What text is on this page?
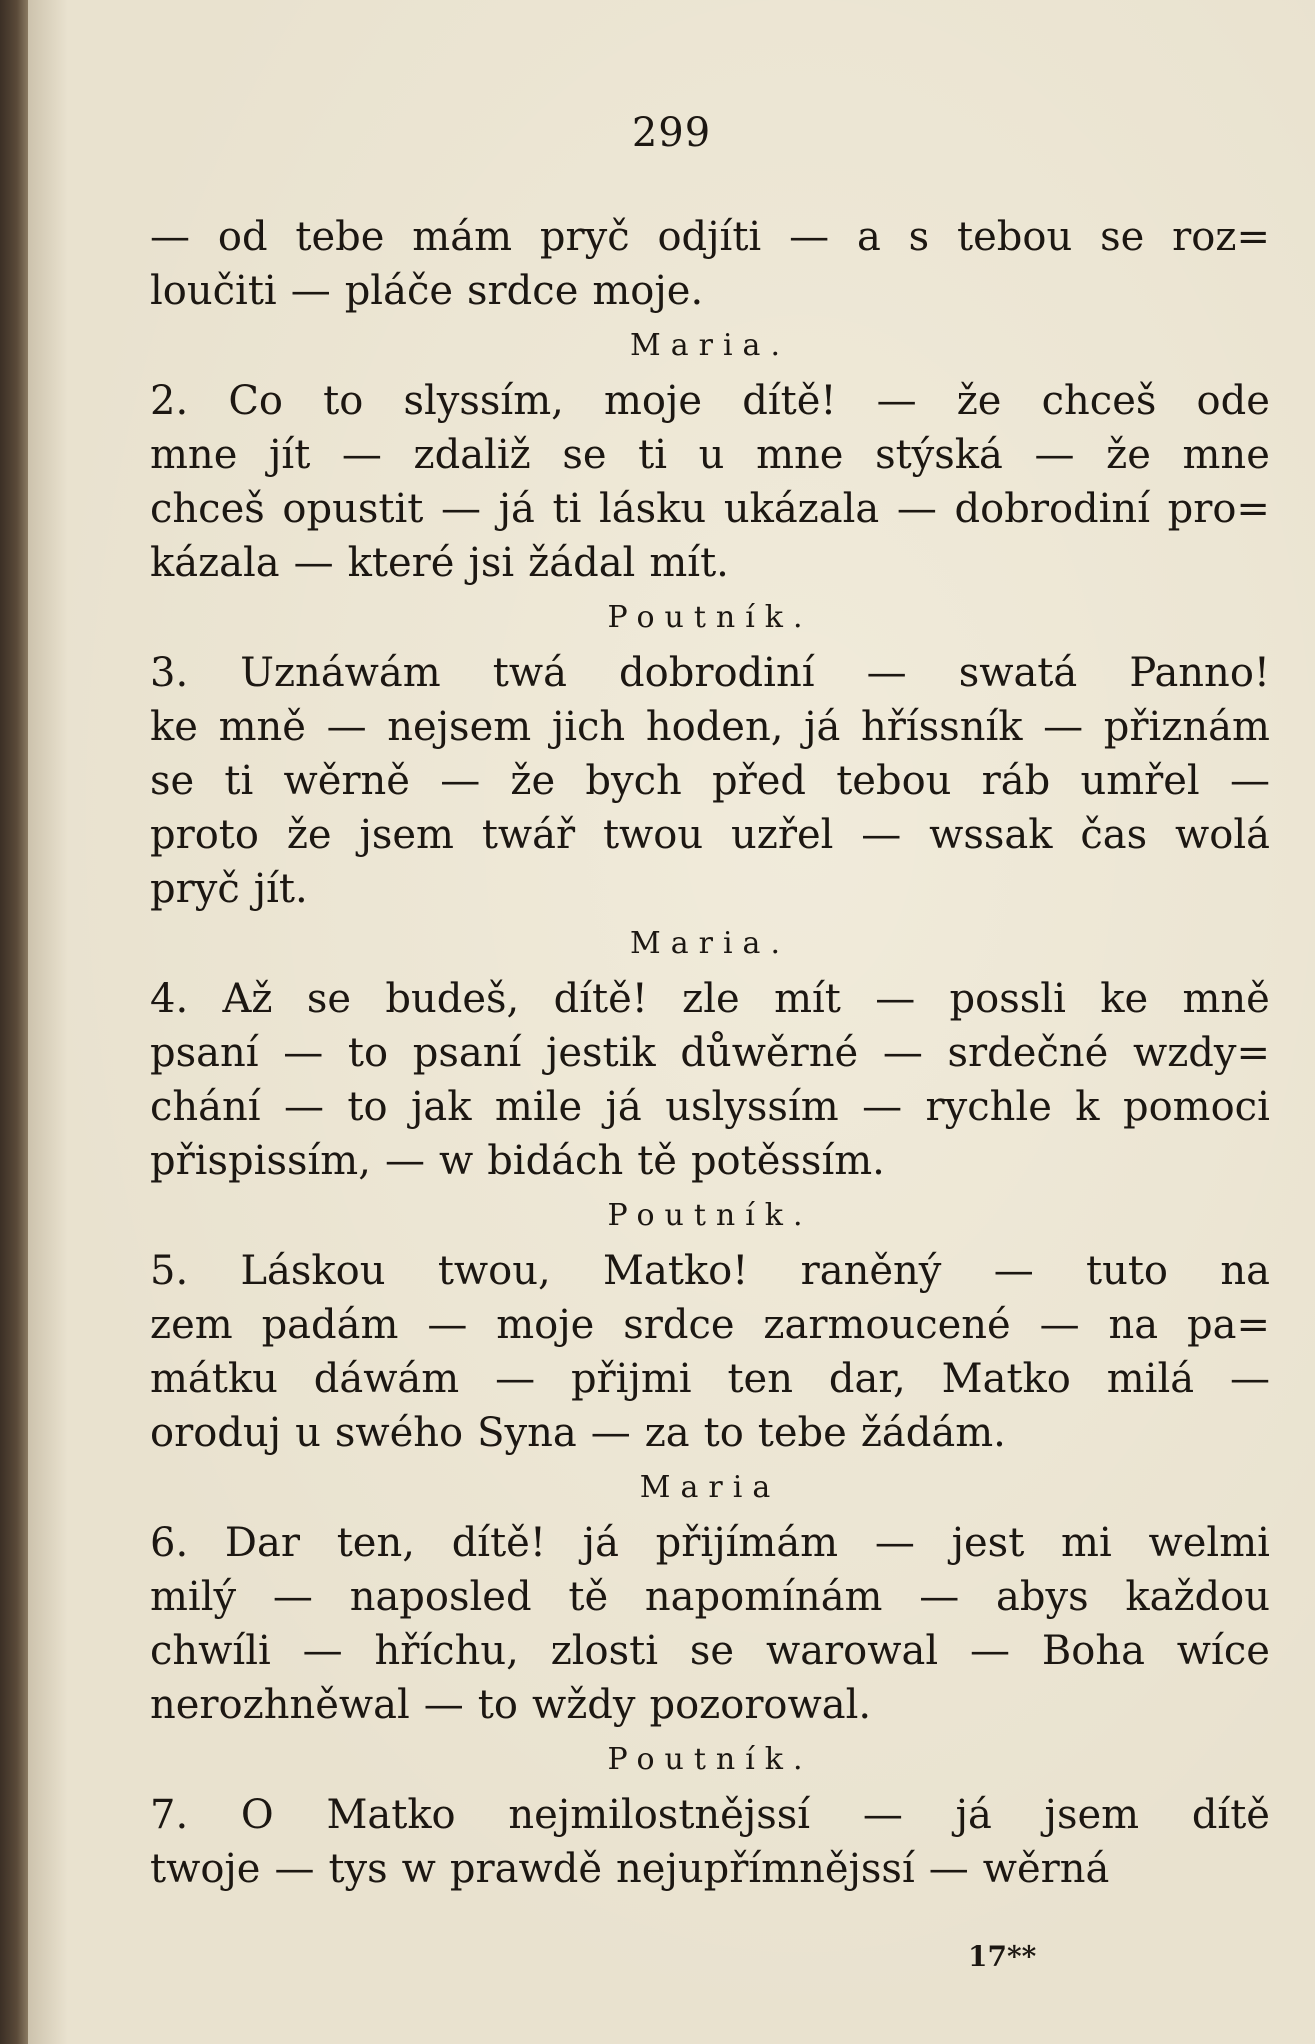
299
— od tebe mám pryč odjíti — a s tebou se roz=
loučiti — pláče srdce moje.
Maria.
2. Co to slyssím, moje dítě! — že chceš ode
mne jít — zdaliž se ti u mne stýská — že mne
chceš opustit — já ti lásku ukázala — dobrodiní pro=
kázala — které jsi žádal mít.
Poutník.
3. Uznáwám twá dobrodiní — swatá Panno!
ke mně — nejsem jich hoden, já hříssník — přiznám
se ti wěrně — že bych před tebou ráb umřel —
proto že jsem twář twou uzřel — wssak čas wolá
pryč jít.
Maria.
4. Až se budeš, dítě! zle mít — possli ke mně
psaní — to psaní jestik důwěrné — srdečné wzdy=
chání — to jak mile já uslyssím — rychle k pomoci
přispissím, — w bidách tě potěssím.
Poutník.
5. Láskou twou, Matko! raněný — tuto na
zem padám — moje srdce zarmoucené — na pa=
mátku dáwám — přijmi ten dar, Matko milá —
oroduj u swého Syna — za to tebe žádám.
Maria
6. Dar ten, dítě! já přijímám — jest mi welmi
milý — naposled tě napomínám — abys každou
chwíli — hříchu, zlosti se warowal — Boha wíce
nerozhněwal — to wždy pozorowal.
Poutník.
7. O Matko nejmilostnějssí — já jsem dítě
twoje — tys w prawdě nejupřímnějssí — wěrná
17**
